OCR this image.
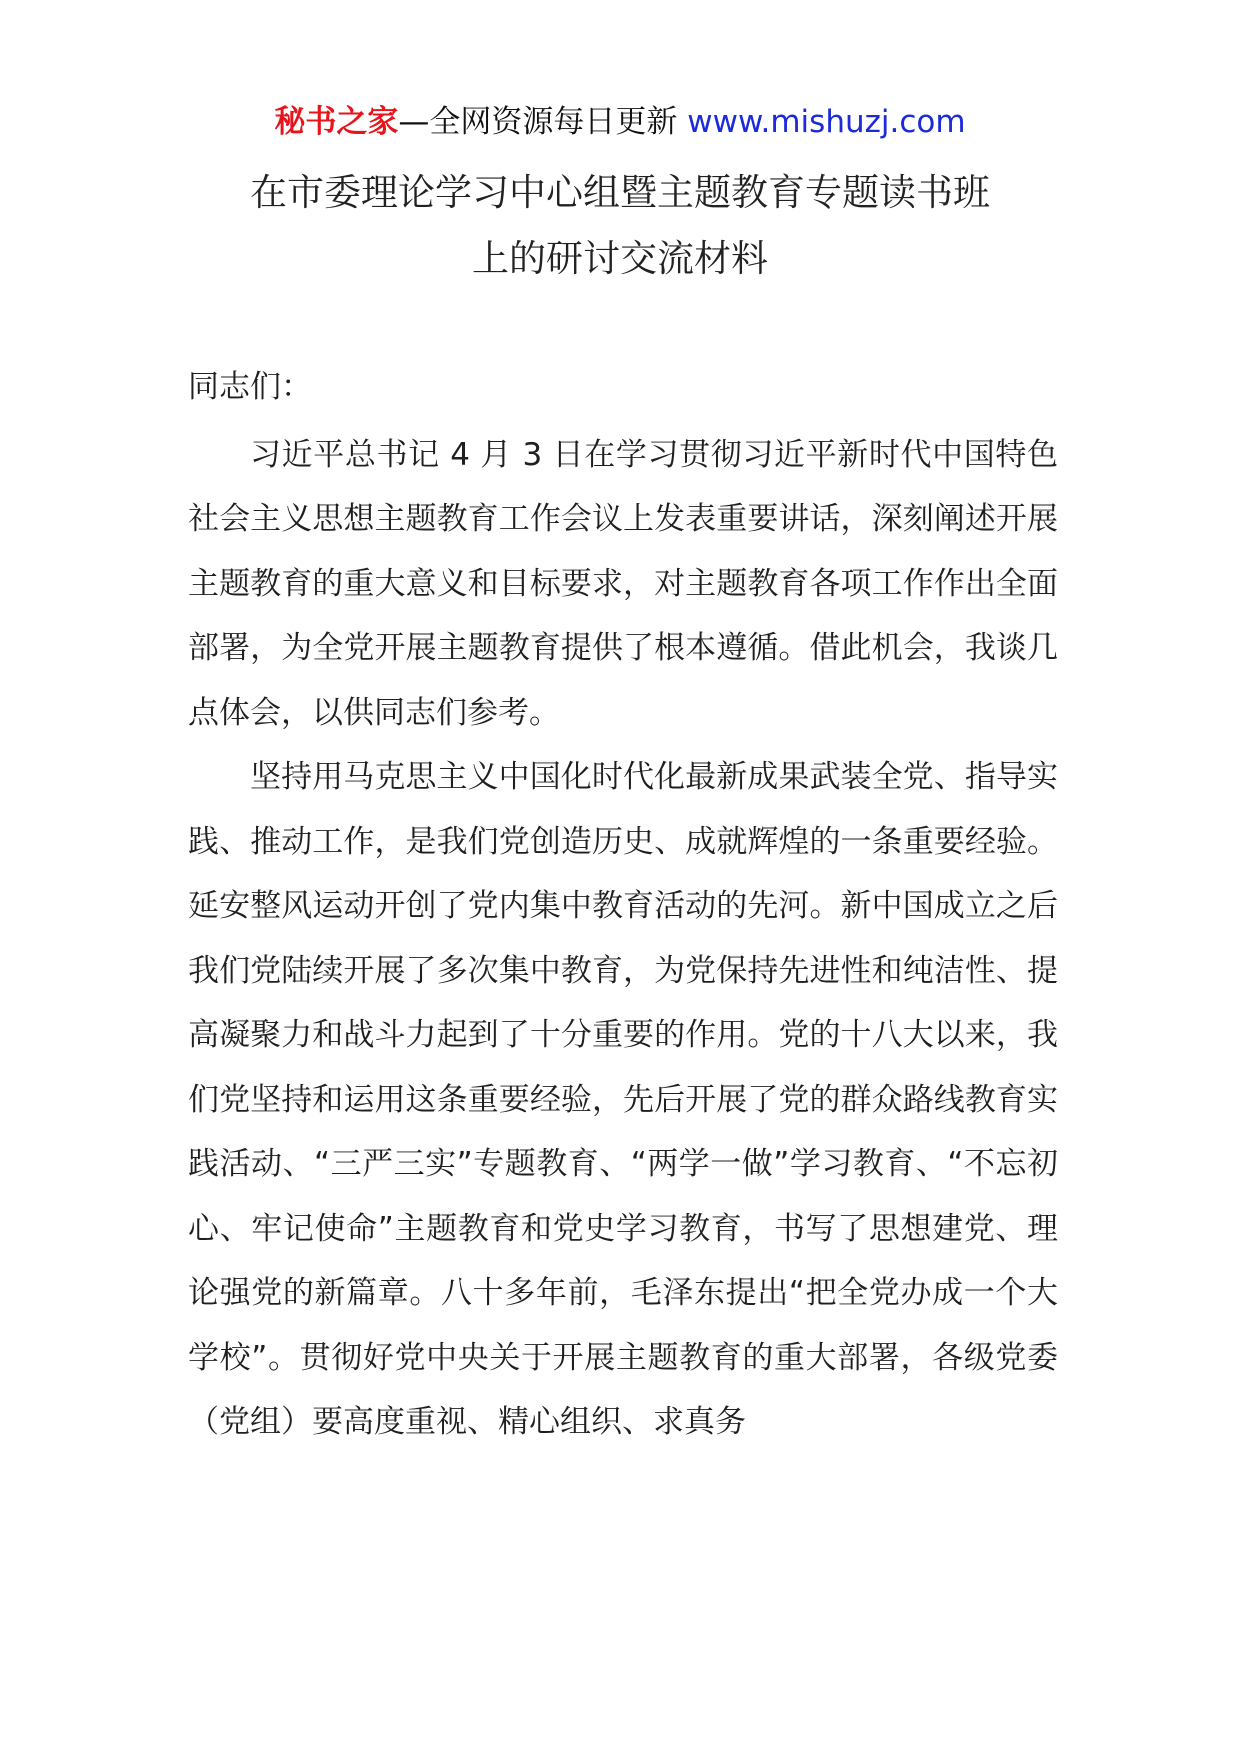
秘书之家—全网资源每日更新 www.mishuzj.com
在市委理论学习中心组暨主题教育专题读书班
上的研讨交流材料

同志们：

习近平总书记 4 月 3 日在学习贯彻习近平新时代中国特色社会主义思想主题教育工作会议上发表重要讲话，深刻阐述开展主题教育的重大意义和目标要求，对主题教育各项工作作出全面部署，为全党开展主题教育提供了根本遵循。借此机会，我谈几点体会，以供同志们参考。

坚持用马克思主义中国化时代化最新成果武装全党、指导实践、推动工作，是我们党创造历史、成就辉煌的一条重要经验。延安整风运动开创了党内集中教育活动的先河。新中国成立之后我们党陆续开展了多次集中教育，为党保持先进性和纯洁性、提高凝聚力和战斗力起到了十分重要的作用。党的十八大以来，我们党坚持和运用这条重要经验，先后开展了党的群众路线教育实践活动、“三严三实”专题教育、“两学一做”学习教育、“不忘初心、牢记使命”主题教育和党史学习教育，书写了思想建党、理论强党的新篇章。八十多年前，毛泽东提出“把全党办成一个大学校”。贯彻好党中央关于开展主题教育的重大部署，各级党委（党组）要高度重视、精心组织、求真务
